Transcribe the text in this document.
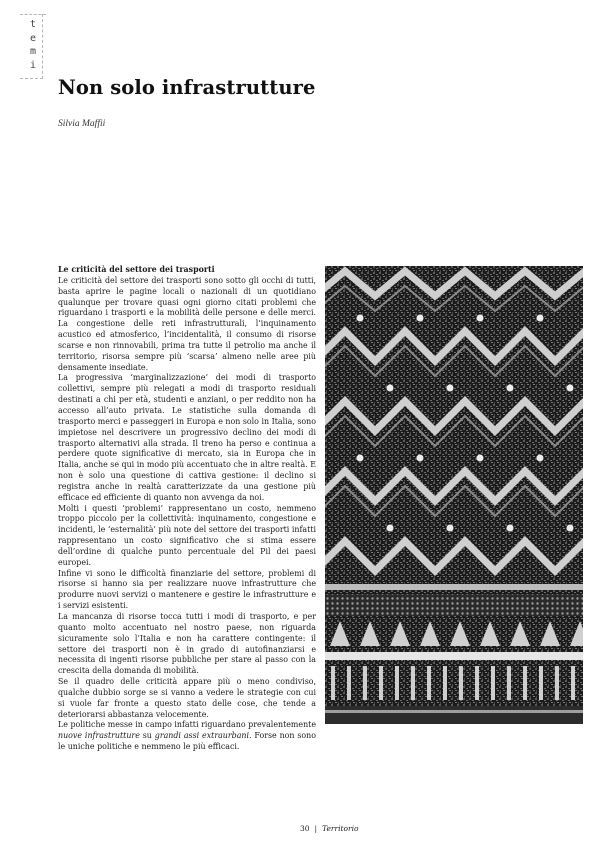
t
e
m
i
Non solo infrastrutture

Silvia Maffii

Le criticità del settore dei trasporti

Le criticità del settore dei trasporti sono sotto gli occhi di tutti, basta aprire le pagine locali o nazionali di un quotidiano qualunque per trovare quasi ogni giorno citati problemi che riguardano i trasporti e la mobilità delle persone e delle merci. La congestione delle reti infrastrutturali, l’inquinamento acustico ed atmosferico, l’incidentalità, il consumo di risorse scarse e non rinnovabili, prima tra tutte il petrolio ma anche il territorio, risorsa sempre più ‘scarsa’ almeno nelle aree più densamente insediate.

La progressiva ‘marginalizzazione’ dei modi di trasporto collettivi, sempre più relegati a modi di trasporto residuali destinati a chi per età, studenti e anziani, o per reddito non ha accesso all’auto privata. Le statistiche sulla domanda di trasporto merci e passeggeri in Europa e non solo in Italia, sono impietose nel descrivere un progressivo declino dei modi di trasporto alternativi alla strada. Il treno ha perso e continua a perdere quote significative di mercato, sia in Europa che in Italia, anche se qui in modo più accentuato che in altre realtà. E non è solo una questione di cattiva gestione: il declino si registra anche in realtà caratterizzate da una gestione più efficace ed efficiente di quanto non avvenga da noi.

Molti i questi ‘problemi’ rappresentano un costo, nemmeno troppo piccolo per la collettività: inquinamento, congestione e incidenti, le ‘esternalità’ più note del settore dei trasporti infatti rappresentano un costo significativo che si stima essere dell’ordine di qualche punto percentuale del Pil dei paesi europei.

Infine vi sono le difficoltà finanziarie del settore, problemi di risorse si hanno sia per realizzare nuove infrastrutture che produrre nuovi servizi o mantenere e gestire le infrastrutture e i servizi esistenti.

La mancanza di risorse tocca tutti i modi di trasporto, e per quanto molto accentuato nel nostro paese, non riguarda sicuramente solo l’Italia e non ha carattere contingente: il settore dei trasporti non è in grado di autofinanziarsi e necessita di ingenti risorse pubbliche per stare al passo con la crescita della domanda di mobilità.

Se il quadro delle criticità appare più o meno condiviso, qualche dubbio sorge se si vanno a vedere le strategie con cui si vuole far fronte a questo stato delle cose, che tende a deteriorarsi abbastanza velocemente.

Le politiche messe in campo infatti riguardano prevalentemente nuove infrastrutture su grandi assi extraurbani. Forse non sono le uniche politiche e nemmeno le più efficaci.

30 | Territorio
